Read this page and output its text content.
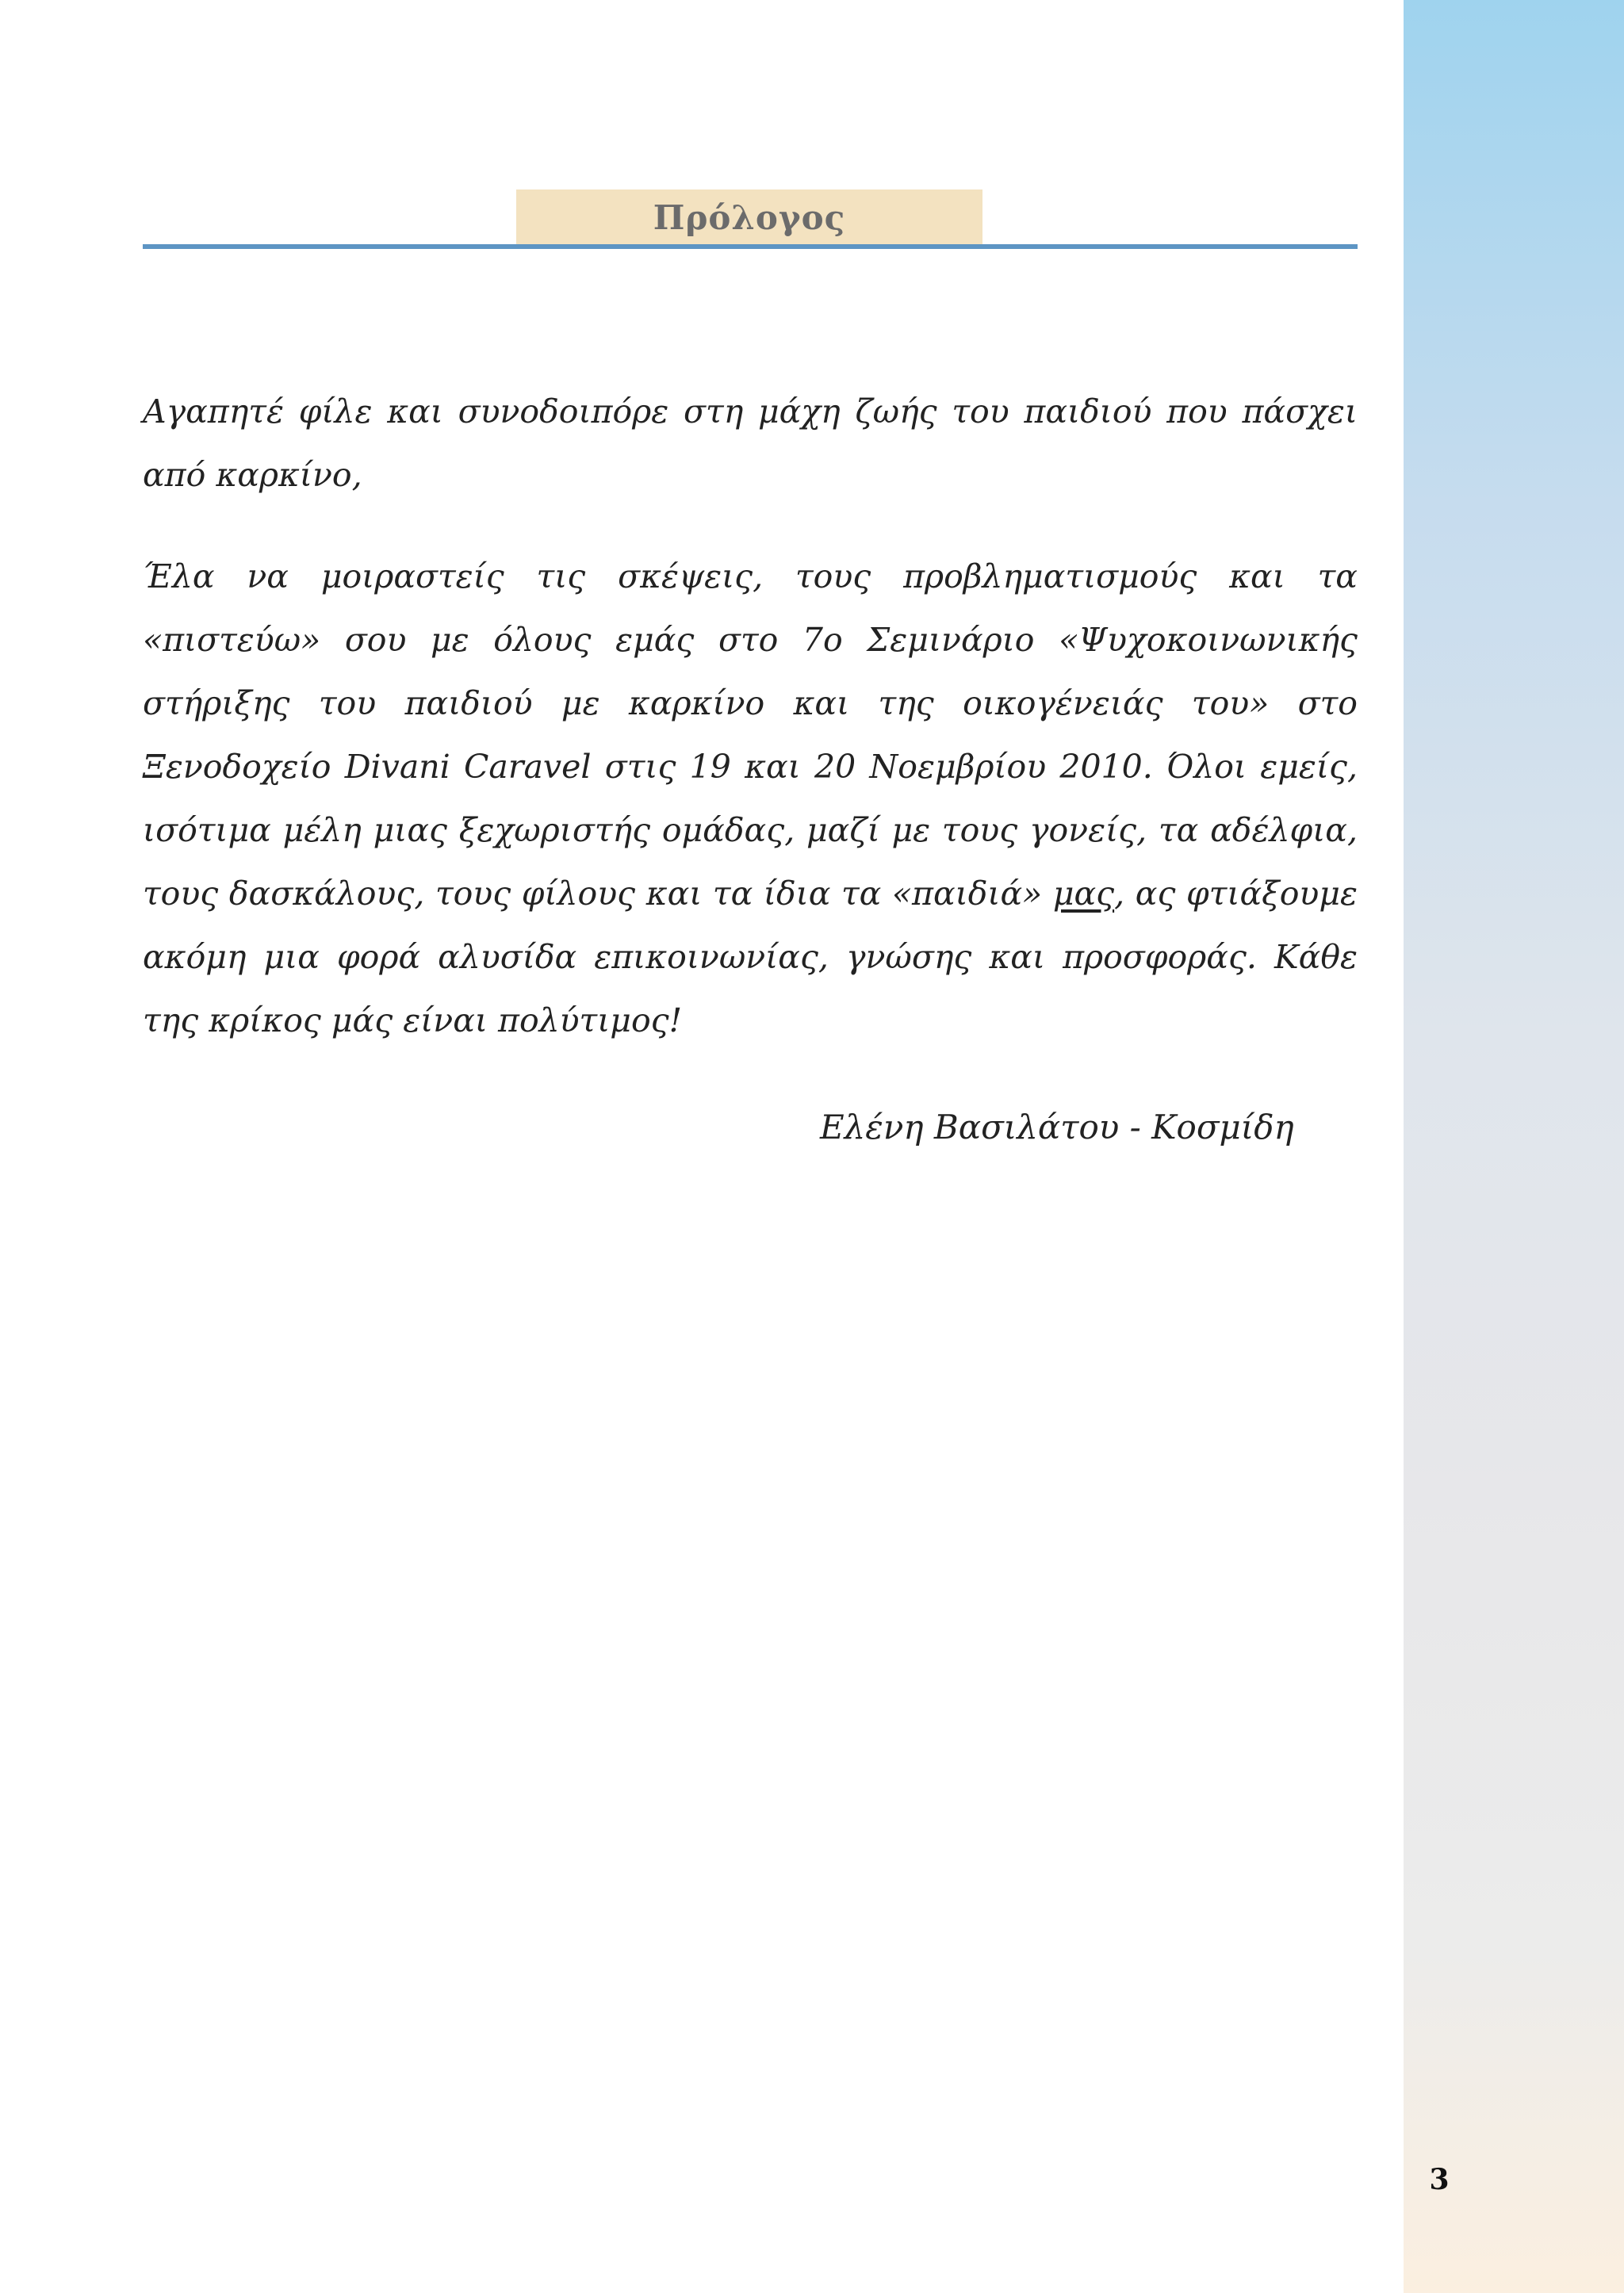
Πρόλογος

Αγαπητέ φίλε και συνοδοιπόρε στη μάχη ζωής του παιδιού που πάσχει από καρκίνο,

Έλα να μοιραστείς τις σκέψεις, τους προβληματισμούς και τα «πιστεύω» σου με όλους εμάς στο 7ο Σεμινάριο «Ψυχοκοινωνικής στήριξης του παιδιού με καρκίνο και της οικογένειάς του» στο Ξενοδοχείο Divani Caravel στις 19 και 20 Νοεμβρίου 2010. Όλοι εμείς, ισότιμα μέλη μιας ξεχωριστής ομάδας, μαζί με τους γονείς, τα αδέλφια, τους δασκάλους, τους φίλους και τα ίδια τα «παιδιά» μας, ας φτιάξουμε ακόμη μια φορά αλυσίδα επικοινωνίας, γνώσης και προσφοράς. Κάθε της κρίκος μάς είναι πολύτιμος!

Ελένη Βασιλάτου - Κοσμίδη
3
